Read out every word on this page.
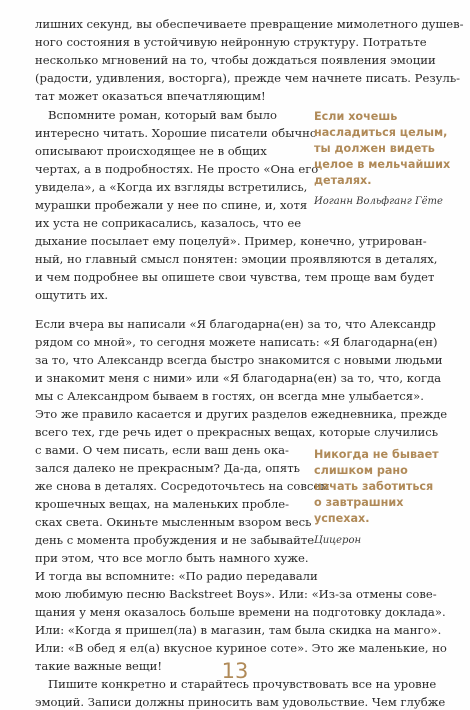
лишних секунд, вы обеспечиваете превращение мимолетного душев-
ного состояния в устойчивую нейронную структуру. Потратьте
несколько мгновений на то, чтобы дождаться появления эмоции
(радости, удивления, восторга), прежде чем начнете писать. Резуль-
тат может оказаться впечатляющим!
Вспомните роман, который вам было
интересно читать. Хорошие писатели обычно
описывают происходящее не в общих
чертах, а в подробностях. Не просто «Она его
увидела», а «Когда их взгляды встретились,
мурашки пробежали у нее по спине, и, хотя
их уста не соприкасались, казалось, что ее
дыхание посылает ему поцелуй». Пример, конечно, утрирован-
ный, но главный смысл понятен: эмоции проявляются в деталях,
и чем подробнее вы опишете свои чувства, тем проще вам будет
ощутить их.
Если вчера вы написали «Я благодарна(ен) за то, что Александр
рядом со мной», то сегодня можете написать: «Я благодарна(ен)
за то, что Александр всегда быстро знакомится с новыми людьми
и знакомит меня с ними» или «Я благодарна(ен) за то, что, когда
мы с Александром бываем в гостях, он всегда мне улыбается».
Это же правило касается и других разделов ежедневника, прежде
всего тех, где речь идет о прекрасных вещах, которые случились
с вами. О чем писать, если ваш день ока-
зался далеко не прекрасным? Да-да, опять
же снова в деталях. Сосредоточьтесь на совсем
крошечных вещах, на маленьких пробле-
сках света. Окиньте мысленным взором весь
день с момента пробуждения и не забывайте
при этом, что все могло быть намного хуже.
И тогда вы вспомните: «По радио передавали
мою любимую песню Backstreet Boys». Или: «Из-за отмены сове-
щания у меня оказалось больше времени на подготовку доклада».
Или: «Когда я пришел(ла) в магазин, там была скидка на манго».
Или: «В обед я ел(а) вкусное куриное соте». Это же маленькие, но
такие важные вещи!
Пишите конкретно и старайтесь прочувствовать все на уровне
эмоций. Записи должны приносить вам удовольствие. Чем глубже
Если хочешь
насладиться целым,
ты должен видеть
целое в мельчайших
деталях.
Иоганн Вольфганг Гёте
Никогда не бывает
слишком рано
начать заботиться
о завтрашних
успехах.
Цицерон
13
